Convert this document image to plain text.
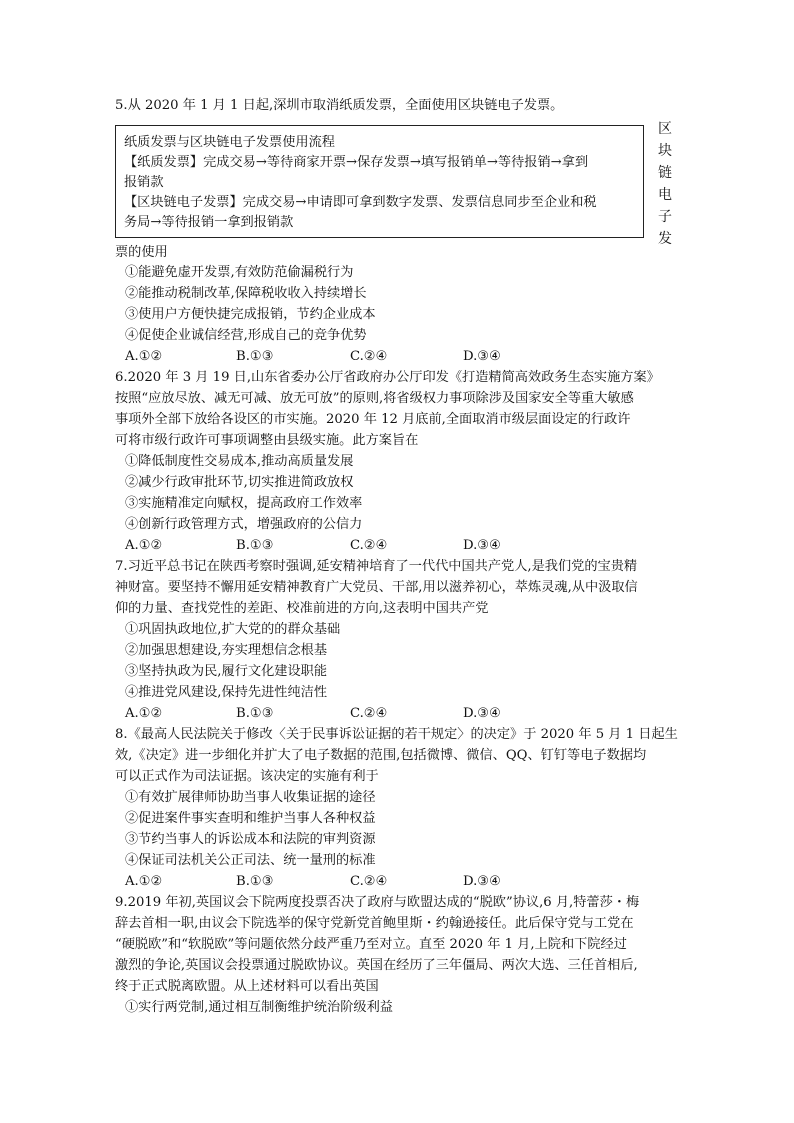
5.从 2020 年 1 月 1 日起,深圳市取消纸质发票，全面使用区块链电子发票。
纸质发票与区块链电子发票使用流程
【纸质发票】完成交易→等待商家开票→保存发票→填写报销单→等待报销→拿到
报销款
【区块链电子发票】完成交易→申请即可拿到数字发票、发票信息同步至企业和税
务局→等待报销一拿到报销款
区
块
链
电
子
发
票的使用
①能避免虚开发票,有效防范偷漏税行为
②能推动税制改革,保障税收收入持续增长
③使用户方便快捷完成报销，节约企业成本
④促使企业诚信经营,形成自己的竞争优势
A.①②	B.①③	C.②④	D.③④
6.2020 年 3 月 19 日,山东省委办公厅省政府办公厅印发《打造精简高效政务生态实施方案》
按照“应放尽放、减无可减、放无可放”的原则,将省级权力事项除涉及国家安全等重大敏感
事项外全部下放给各设区的市实施。2020 年 12 月底前,全面取消市级层面设定的行政许
可将市级行政许可事项调整由县级实施。此方案旨在
①降低制度性交易成本,推动高质量发展
②减少行政审批环节,切实推进简政放权
③实施精准定向赋权，提高政府工作效率
④创新行政管理方式，增强政府的公信力
A.①②	B.①③	C.②④	D.③④
7.习近平总书记在陕西考察时强调,延安精神培育了一代代中国共产党人,是我们党的宝贵精
神财富。要坚持不懈用延安精神教育广大党员、干部,用以滋养初心，萃炼灵魂,从中汲取信
仰的力量、查找党性的差距、校准前进的方向,这表明中国共产党
①巩固执政地位,扩大党的的群众基础
②加强思想建设,夯实理想信念根基
③坚持执政为民,履行文化建设职能
④推进党风建设,保持先进性纯洁性
A.①②	B.①③	C.②④	D.③④
8.《最高人民法院关于修改〈关于民事诉讼证据的若干规定〉的决定》于 2020 年 5 月 1 日起生
效,《决定》进一步细化并扩大了电子数据的范围,包括微博、微信、QQ、钉钉等电子数据均
可以正式作为司法证据。该决定的实施有利于
①有效扩展律师协助当事人收集证据的途径
②促进案件事实查明和维护当事人各种权益
③节约当事人的诉讼成本和法院的审判资源
④保证司法机关公正司法、统一量刑的标准
A.①②	B.①③	C.②④	D.③④
9.2019 年初,英国议会下院两度投票否决了政府与欧盟达成的“脱欧”协议,6 月,特蕾莎・梅
辞去首相一职,由议会下院选举的保守党新党首鲍里斯・约翰逊接任。此后保守党与工党在
“硬脱欧”和“软脱欧”等问题依然分歧严重乃至对立。直至 2020 年 1 月,上院和下院经过
激烈的争论,英国议会投票通过脱欧协议。英国在经历了三年僵局、两次大选、三任首相后,
终于正式脱离欧盟。从上述材料可以看出英国
①实行两党制,通过相互制衡维护统治阶级利益
